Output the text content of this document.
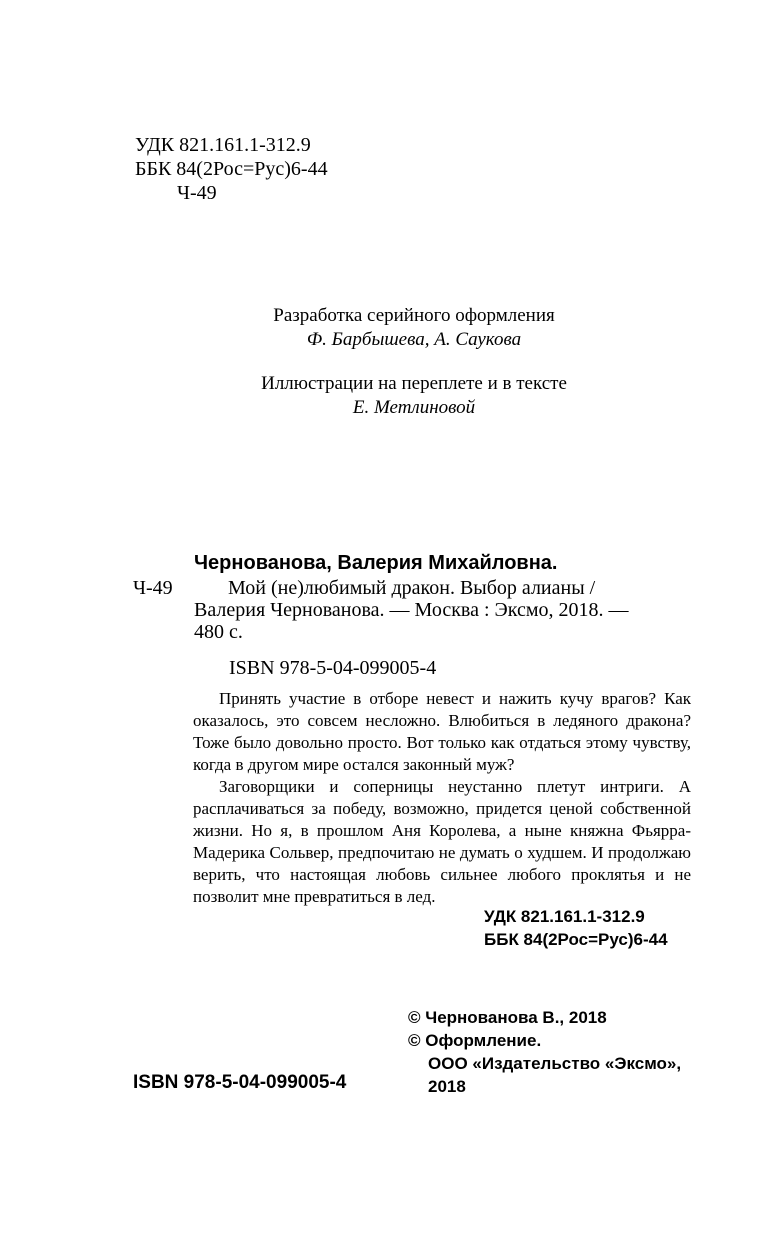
УДК 821.161.1-312.9
ББК 84(2Рос=Рус)6-44
Ч-49
Разработка серийного оформления
Ф. Барбышева, А. Саукова
Иллюстрации на переплете и в тексте
Е. Метлиновой
Чернованова, Валерия Михайловна.
Ч-49	Мой (не)любимый дракон. Выбор алианы /
Валерия Чернованова. — Москва : Эксмо, 2018. —
480 с.
ISBN 978-5-04-099005-4

Принять участие в отборе невест и нажить кучу врагов? Как оказалось, это совсем несложно. Влюбиться в ледяного дракона? Тоже было довольно просто. Вот только как отдаться этому чувству, когда в другом мире остался законный муж?

Заговорщики и соперницы неустанно плетут интриги. А расплачиваться за победу, возможно, придется ценой собственной жизни. Но я, в прошлом Аня Королева, а ныне княжна Фьярра-Мадерика Сольвер, предпочитаю не думать о худшем. И продолжаю верить, что настоящая любовь сильнее любого проклятья и не позволит мне превратиться в лед.

УДК 821.161.1-312.9
ББК 84(2Рос=Рус)6-44
ISBN 978-5-04-099005-4
© Чернованова В., 2018
© Оформление.
ООО «Издательство «Эксмо»,
2018
